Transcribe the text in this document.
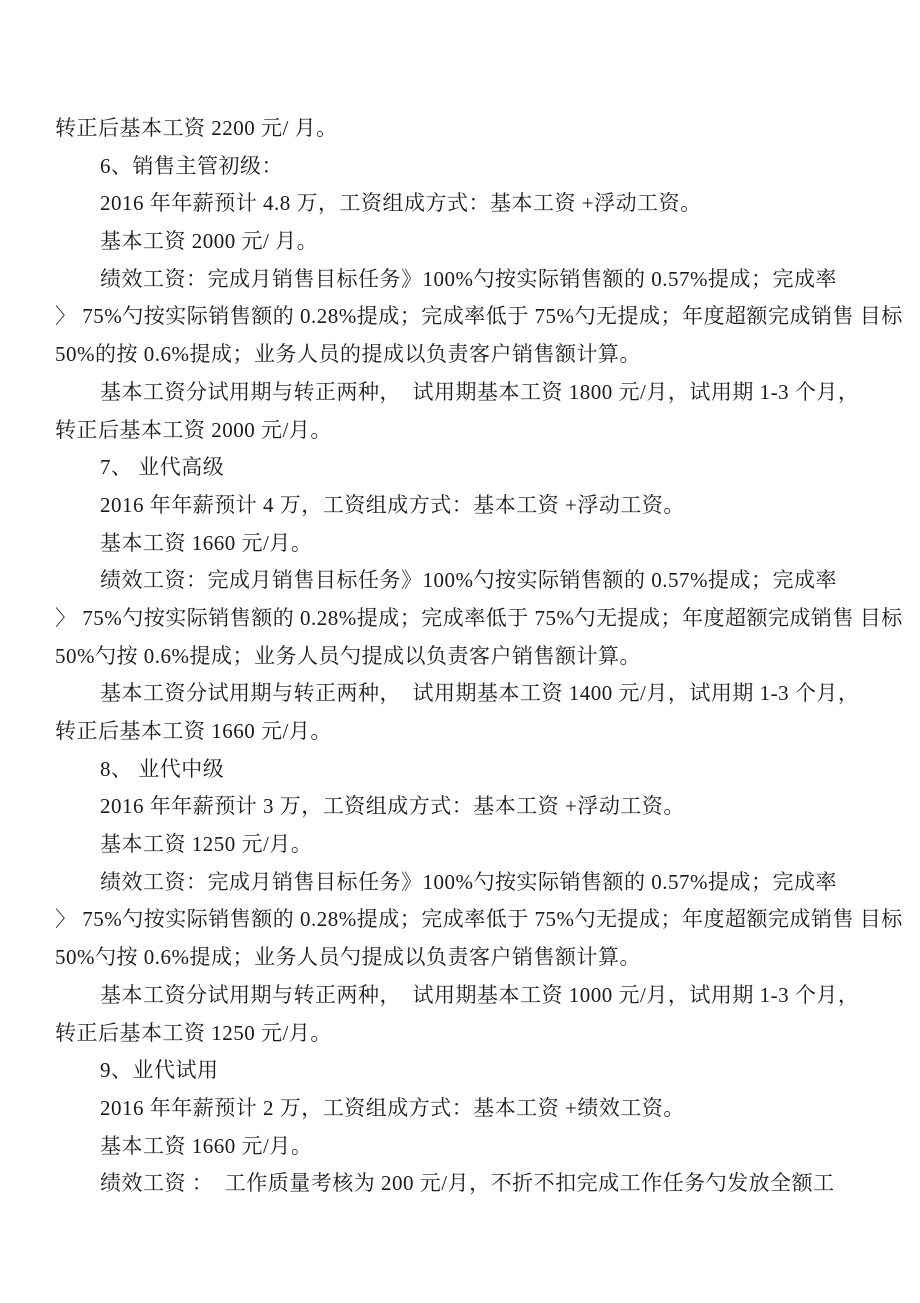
转正后基本工资 2200 元/ 月。
6、销售主管初级：
2016 年年薪预计 4.8 万，工资组成方式：基本工资 +浮动工资。
基本工资 2000 元/ 月。
绩效工资：完成月销售目标任务》100%勺按实际销售额的 0.57%提成；完成率
〉 75%勺按实际销售额的 0.28%提成；完成率低于 75%勺无提成；年度超额完成销售 目标
50%的按 0.6%提成；业务人员的提成以负责客户销售额计算。
基本工资分试用期与转正两种，  试用期基本工资 1800 元/月，试用期 1-3 个月，
转正后基本工资 2000 元/月。
7、 业代高级
2016 年年薪预计 4 万，工资组成方式：基本工资 +浮动工资。
基本工资 1660 元/月。
绩效工资：完成月销售目标任务》100%勺按实际销售额的 0.57%提成；完成率
〉 75%勺按实际销售额的 0.28%提成；完成率低于 75%勺无提成；年度超额完成销售 目标
50%勺按 0.6%提成；业务人员勺提成以负责客户销售额计算。
基本工资分试用期与转正两种，  试用期基本工资 1400 元/月，试用期 1-3 个月，
转正后基本工资 1660 元/月。
8、 业代中级
2016 年年薪预计 3 万，工资组成方式：基本工资 +浮动工资。
基本工资 1250 元/月。
绩效工资：完成月销售目标任务》100%勺按实际销售额的 0.57%提成；完成率
〉 75%勺按实际销售额的 0.28%提成；完成率低于 75%勺无提成；年度超额完成销售 目标
50%勺按 0.6%提成；业务人员勺提成以负责客户销售额计算。
基本工资分试用期与转正两种，  试用期基本工资 1000 元/月，试用期 1-3 个月，
转正后基本工资 1250 元/月。
9、业代试用
2016 年年薪预计 2 万，工资组成方式：基本工资 +绩效工资。
基本工资 1660 元/月。
绩效工资 ：  工作质量考核为 200 元/月，不折不扣完成工作任务勺发放全额工
